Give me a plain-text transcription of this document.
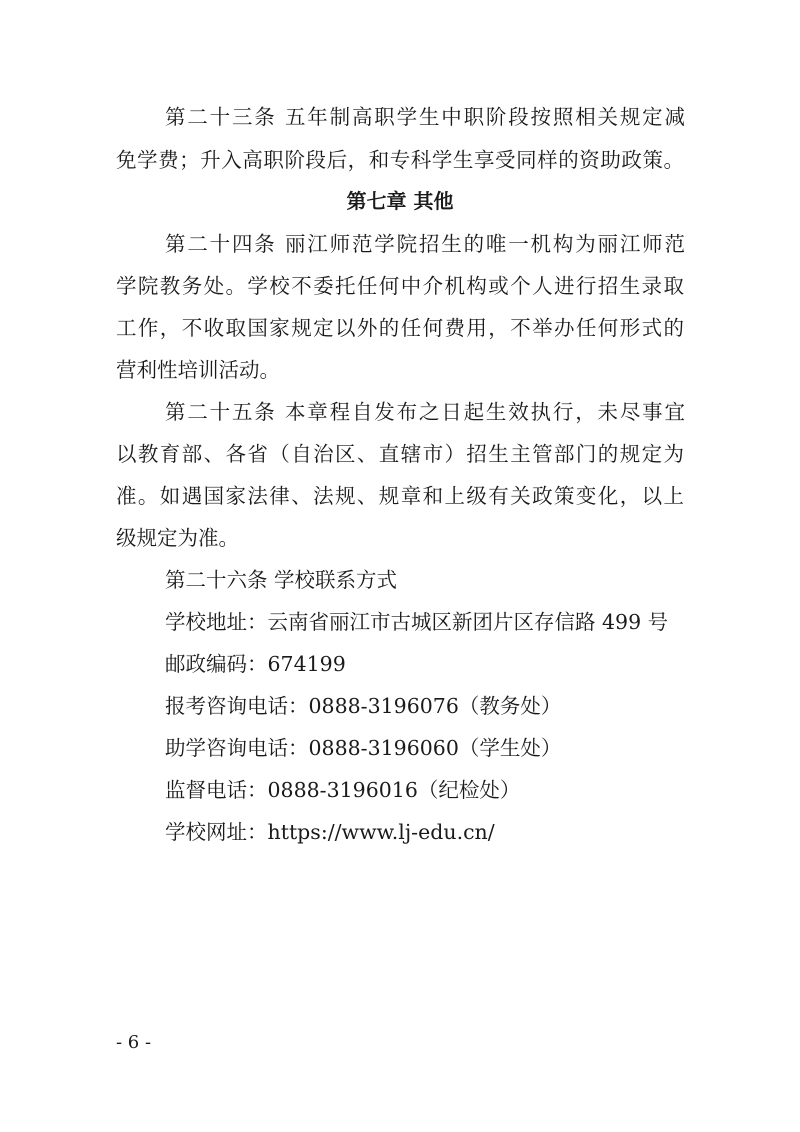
第二十三条 五年制高职学生中职阶段按照相关规定减
免学费；升入高职阶段后，和专科学生享受同样的资助政策。
第七章 其他
第二十四条 丽江师范学院招生的唯一机构为丽江师范
学院教务处。学校不委托任何中介机构或个人进行招生录取
工作，不收取国家规定以外的任何费用，不举办任何形式的
营利性培训活动。
第二十五条 本章程自发布之日起生效执行，未尽事宜
以教育部、各省（自治区、直辖市）招生主管部门的规定为
准。如遇国家法律、法规、规章和上级有关政策变化，以上
级规定为准。
第二十六条 学校联系方式
学校地址：云南省丽江市古城区新团片区存信路 499 号
邮政编码：674199
报考咨询电话：0888-3196076（教务处）
助学咨询电话：0888-3196060（学生处）
监督电话：0888-3196016（纪检处）
学校网址：https://www.lj-edu.cn/
- 6 -
